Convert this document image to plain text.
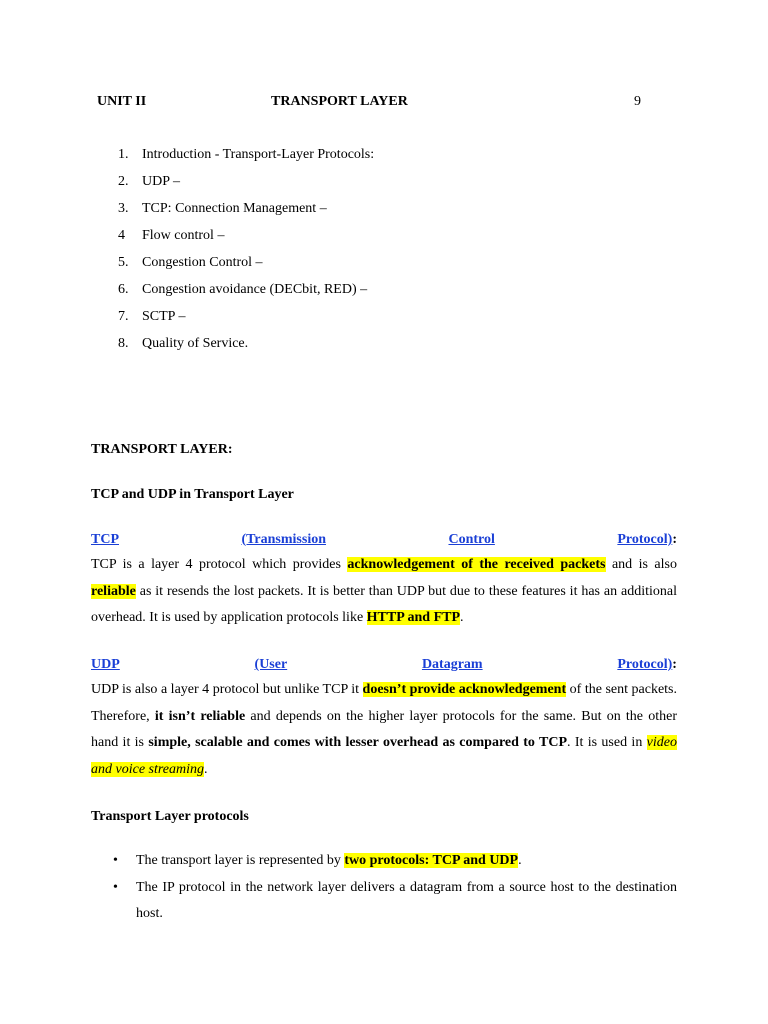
UNIT II	TRANSPORT LAYER	9
1. Introduction - Transport-Layer Protocols:
2. UDP –
3. TCP: Connection Management –
4	Flow control –
5. Congestion Control –
6. Congestion avoidance (DECbit, RED) –
7. SCTP –
8. Quality of Service.
TRANSPORT LAYER:
TCP and UDP in Transport Layer
TCP	(Transmission	Control	Protocol):

TCP is a layer 4 protocol which provides acknowledgement of the received packets and is also reliable as it resends the lost packets. It is better than UDP but due to these features it has an additional overhead. It is used by application protocols like HTTP and FTP.

UDP	(User	Datagram	Protocol):

UDP is also a layer 4 protocol but unlike TCP it doesn’t provide acknowledgement of the sent packets. Therefore, it isn’t reliable and depends on the higher layer protocols for the same. But on the other hand it is simple, scalable and comes with lesser overhead as compared to TCP. It is used in video and voice streaming.

Transport Layer protocols
• The transport layer is represented by two protocols: TCP and UDP.
• The IP protocol in the network layer delivers a datagram from a source host to the destination host.
